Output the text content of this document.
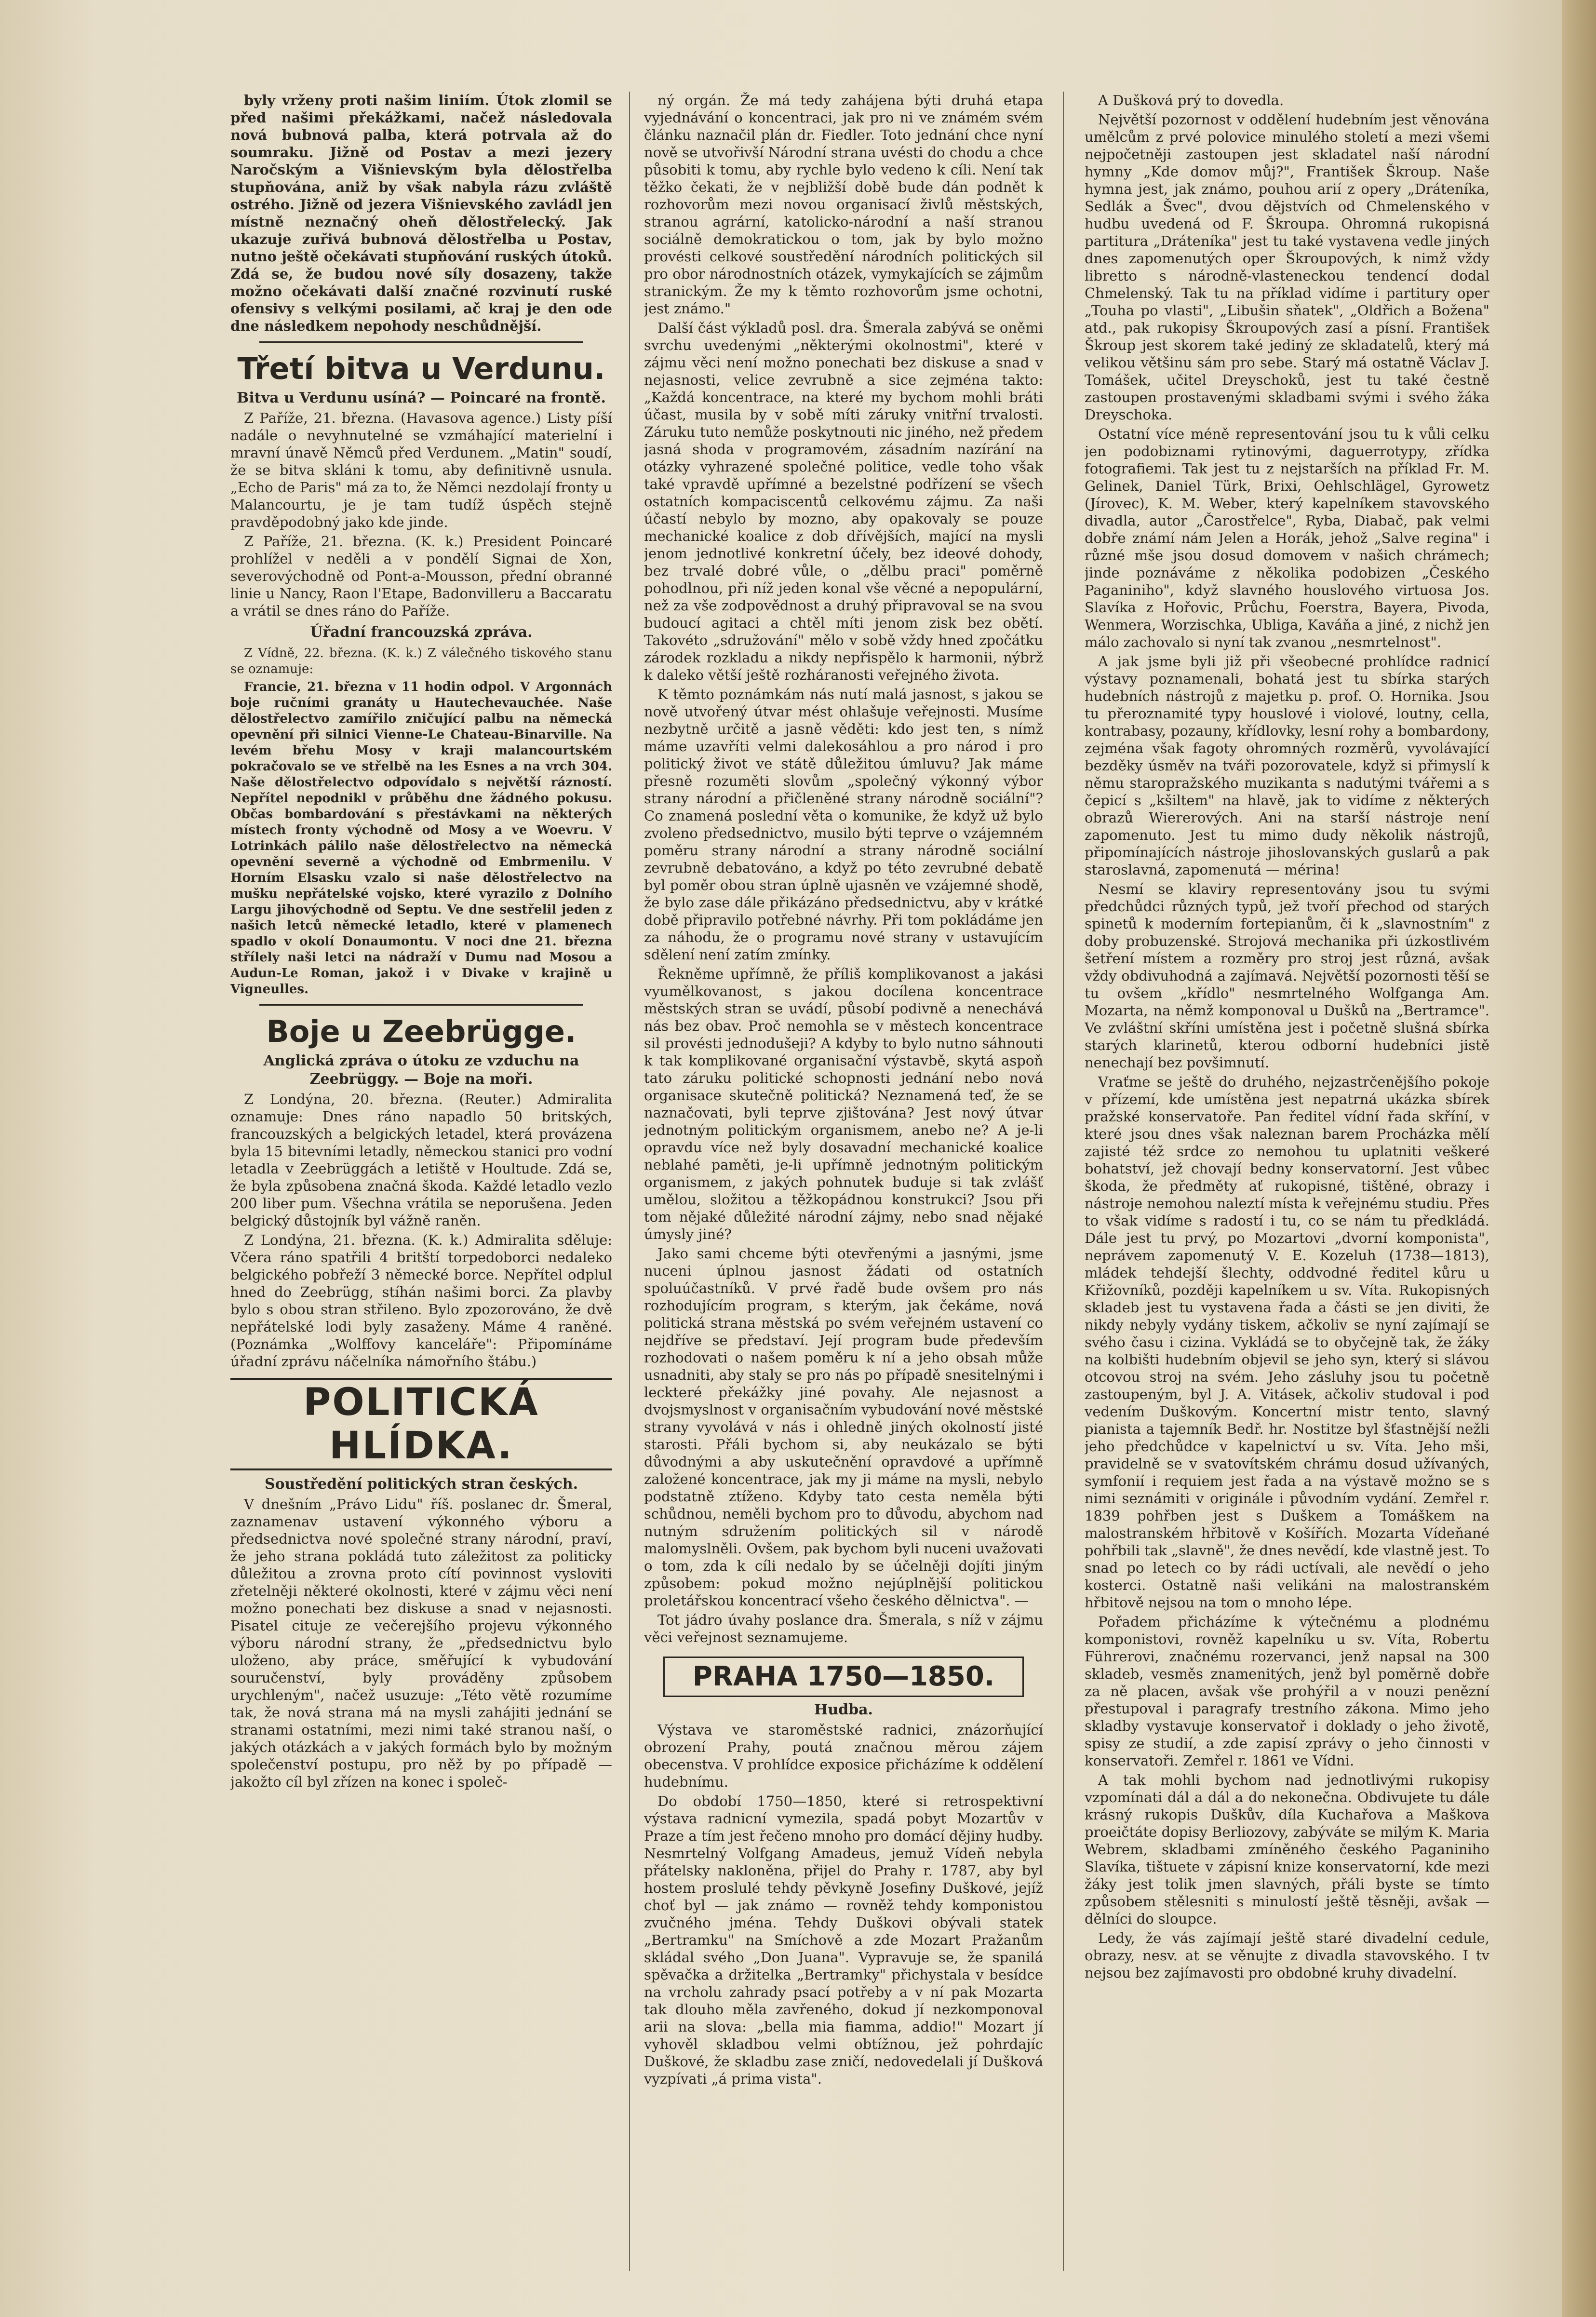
byly vrženy proti našim liniím. Útok zlomil se před našimi překážkami, načež následovala nová bubnová palba, která potrvala až do soumraku. Jižně od Postav a mezi jezery Naročským a Višnievským byla dělostřelba stupňována, aniž by však nabyla rázu zvláště ostrého. Jižně od jezera Višnievského zavládl jen místně neznačný oheň dělostřelecký. Jak ukazuje zuřivá bubnová dělostřelba u Postav, nutno ještě očekávati stupňování ruských útoků. Zdá se, že budou nové síly dosazeny, takže možno očekávati další značné rozvinutí ruské ofensivy s velkými posilami, ač kraj je den ode dne následkem nepohody neschůdnější.

Třetí bitva u Verdunu.
Bitva u Verdunu usíná? — Poincaré na frontě.

Z Paříže, 21. března. (Havasova agence.) Listy píší nadále o nevyhnutelné se vzmáhající materielní i mravní únavě Němců před Verdunem. „Matin" soudí, že se bitva skláni k tomu, aby definitivně usnula. „Echo de Paris" má za to, že Němci nezdolají fronty u Malancourtu, je je tam tudíž úspěch stejně pravděpodobný jako kde jinde.

Z Paříže, 21. března. (K. k.) President Poincaré prohlížel v neděli a v pondělí Signai de Xon, severovýchodně od Pont-a-Mousson, přední obranné linie u Nancy, Raon l'Etape, Badonvilleru a Baccaratu a vrátil se dnes ráno do Paříže.

Úřadní francouzská zpráva.

Z Vídně, 22. března. (K. k.) Z válečného tiskového stanu se oznamuje:

Francie, 21. března v 11 hodin odpol. V Argonnách boje ručními granáty u Hautechevauchée. Naše dělostřelectvo zamířilo zničující palbu na německá opevnění při silnici Vienne-Le Chateau-Binarville. Na levém břehu Mosy v kraji malancourtském pokračovalo se ve střelbě na les Esnes a na vrch 304. Naše dělostřelectvo odpovídalo s největší rázností. Nepřítel nepodnikl v průběhu dne žádného pokusu. Občas bombardování s přestávkami na některých místech fronty východně od Mosy a ve Woevru. V Lotrinkách pálilo naše dělostřelectvo na německá opevnění severně a východně od Embrmenilu. V Horním Elsasku vzalo si naše dělostřelectvo na mušku nepřátelské vojsko, které vyrazilo z Dolního Largu jihovýchodně od Septu. Ve dne sestřelil jeden z našich letců německé letadlo, které v plamenech spadlo v okolí Donaumontu. V noci dne 21. března střílely naši letci na nádraží v Dumu nad Mosou a Audun-Le Roman, jakož i v Divake v krajině u Vigneulles.

Boje u Zeebrügge.
Anglická zpráva o útoku ze vzduchu na Zeebrüggy. — Boje na moři.

Z Londýna, 20. března. (Reuter.) Admiralita oznamuje: Dnes ráno napadlo 50 britských, francouzských a belgických letadel, která provázena byla 15 bitevními letadly, německou stanici pro vodní letadla v Zeebrüggách a letiště v Houltude. Zdá se, že byla způsobena značná škoda. Každé letadlo vezlo 200 liber pum. Všechna vrátila se neporušena. Jeden belgický důstojník byl vážně raněn.

Z Londýna, 21. března. (K. k.) Admiralita sděluje: Včera ráno spatřili 4 britští torpedoborci nedaleko belgického pobřeží 3 německé borce. Nepřítel odplul hned do Zeebrügg, stíhán našimi borci. Za plavby bylo s obou stran střileno. Bylo zpozorováno, že dvě nepřátelské lodi byly zasaženy. Máme 4 raněné. (Poznámka „Wolffovy kanceláře": Připomínáme úřadní zprávu náčelníka námořního štábu.)

POLITICKÁ HLÍDKA.
Soustředění politických stran českých.

V dnešním „Právo Lidu" říš. poslanec dr. Šmeral, zaznamenav ustavení výkonného výboru a předsednictva nové společné strany národní, praví, že jeho strana pokládá tuto záležitost za politicky důležitou a zrovna proto cítí povinnost vysloviti zřetelněji některé okolnosti, které v zájmu věci není možno ponechati bez diskuse a snad v nejasnosti. Pisatel cituje ze večerejšího projevu výkonného výboru národní strany, že „předsednictvu bylo uloženo, aby práce, směřující k vybudování souručenství, byly prováděny způsobem urychleným", načež usuzuje: „Této větě rozumíme tak, že nová strana má na mysli zahájiti jednání se stranami ostatními, mezi nimi také stranou naší, o jakých otázkách a v jakých formách bylo by možným společenství postupu, pro něž by po případě — jakožto cíl byl zřízen na konec i společ-

ný orgán. Že má tedy zahájena býti druhá etapa vyjednávání o koncentraci, jak pro ni ve známém svém článku naznačil plán dr. Fiedler. Toto jednání chce nyní nově se utvořivší Národní strana uvésti do chodu a chce působiti k tomu, aby rychle bylo vedeno k cíli. Není tak těžko čekati, že v nejbližší době bude dán podnět k rozhovorům mezi novou organisací živlů městských, stranou agrární, katolicko-národní a naší stranou sociálně demokratickou o tom, jak by bylo možno provésti celkové soustředění národních politických sil pro obor národnostních otázek, vymykajících se zájmům stranickým. Že my k těmto rozhovorům jsme ochotni, jest známo."

Další část výkladů posl. dra. Šmerala zabývá se oněmi svrchu uvedenými „některými okolnostmi", které v zájmu věci není možno ponechati bez diskuse a snad v nejasnosti, velice zevrubně a sice zejména takto: „Každá koncentrace, na které my bychom mohli bráti účast, musila by v sobě míti záruky vnitřní trvalosti. Záruku tuto nemůže poskytnouti nic jiného, než předem jasná shoda v programovém, zásadním nazírání na otázky vyhrazené společné politice, vedle toho však také vpravdě upřímné a bezelstné podřízení se všech ostatních kompaciscentů celkovému zájmu. Za naši účastí nebylo by mozno, aby opakovaly se pouze mechanické koalice z dob dřívějších, mající na mysli jenom jednotlivé konkretní účely, bez ideové dohody, bez trvalé dobré vůle, o „dělbu praci" poměrně pohodlnou, při níž jeden konal vše věcné a nepopulární, než za vše zodpovědnost a druhý připravoval se na svou budoucí agitaci a chtěl míti jenom zisk bez obětí. Takovéto „sdružování" mělo v sobě vždy hned zpočátku zárodek rozkladu a nikdy nepřispělo k harmonii, nýbrž k daleko větší ještě rozháranosti veřejného života.

K těmto poznámkám nás nutí malá jasnost, s jakou se nově utvořený útvar mést ohlašuje veřejnosti. Musíme nezbytně určitě a jasně věděti: kdo jest ten, s nímž máme uzavříti velmi dalekosáhlou a pro národ i pro politický život ve státě důležitou úmluvu? Jak máme přesně rozuměti slovům „společný výkonný výbor strany národní a přičleněné strany národně sociální"? Co znamená poslední věta o komunike, že když už bylo zvoleno předsednictvo, musilo býti teprve o vzájemném poměru strany národní a strany národně sociální zevrubně debatováno, a když po této zevrubné debatě byl poměr obou stran úplně ujasněn ve vzájemné shodě, že bylo zase dále přikázáno předsednictvu, aby v krátké době připravilo potřebné návrhy. Při tom pokládáme jen za náhodu, že o programu nové strany v ustavujícím sdělení není zatím zmínky.

Řekněme upřímně, že příliš komplikovanost a jakási vyumělkovanost, s jakou docílena koncentrace městských stran se uvádí, působí podivně a nenechává nás bez obav. Proč nemohla se v městech koncentrace sil provésti jednodušeji? A kdyby to bylo nutno sáhnouti k tak komplikované organisační výstavbě, skytá aspoň tato záruku politické schopnosti jednání nebo nová organisace skutečně politická? Neznamená teď, že se naznačovati, byli teprve zjištována? Jest nový útvar jednotným politickým organismem, anebo ne? A je-li opravdu více než byly dosavadní mechanické koalice neblahé paměti, je-li upřímně jednotným politickým organismem, z jakých pohnutek buduje si tak zvlášť umělou, složitou a těžkopádnou konstrukci? Jsou při tom nějaké důležité národní zájmy, nebo snad nějaké úmysly jiné?

Jako sami chceme býti otevřenými a jasnými, jsme nuceni úplnou jasnost žádati od ostatních spoluúčastníků. V prvé řadě bude ovšem pro nás rozhodujícím program, s kterým, jak čekáme, nová politická strana městská po svém veřejném ustavení co nejdříve se představí. Její program bude především rozhodovati o našem poměru k ní a jeho obsah může usnadniti, aby staly se pro nás po případě snesitelnými i leckteré překážky jiné povahy. Ale nejasnost a dvojsmyslnost v organisačním vybudování nové městské strany vyvolává v nás i ohledně jiných okolností jisté starosti. Přáli bychom si, aby neukázalo se býti důvodnými a aby uskutečnění opravdové a upřímně založené koncentrace, jak my ji máme na mysli, nebylo podstatně ztíženo. Kdyby tato cesta neměla býti schůdnou, neměli bychom pro to důvodu, abychom nad nutným sdružením politických sil v národě malomyslněli. Ovšem, pak bychom byli nuceni uvažovati o tom, zda k cíli nedalo by se účelněji dojíti jiným způsobem: pokud možno nejúplnější politickou proletářskou koncentrací všeho českého dělnictva". —

Tot jádro úvahy poslance dra. Šmerala, s níž v zájmu věci veřejnost seznamujeme.

PRAHA 1750—1850.
Hudba.

Výstava ve staroměstské radnici, znázorňující obrození Prahy, poutá značnou měrou zájem obecenstva. V prohlídce exposice přicházíme k oddělení hudebnímu.

Do období 1750—1850, které si retrospektivní výstava radnicní vymezila, spadá pobyt Mozartův v Praze a tím jest řečeno mnoho pro domácí dějiny hudby. Nesmrtelný Volfgang Amadeus, jemuž Vídeň nebyla přátelsky nakloněna, přijel do Prahy r. 1787, aby byl hostem proslulé tehdy pěvkyně Josefiny Duškové, jejíž choť byl — jak známo — rovněž tehdy komponistou zvučného jména. Tehdy Duškovi obývali statek „Bertramku" na Smíchově a zde Mozart Pražanům skládal svého „Don Juana". Vypravuje se, že spanilá spěvačka a držitelka „Bertramky" přichystala v besídce na vrcholu zahrady psací potřeby a v ní pak Mozarta tak dlouho měla zavřeného, dokud jí nezkomponoval arii na slova: „bella mia fiamma, addio!" Mozart jí vyhověl skladbou velmi obtížnou, jež pohrdajíc Duškové, že skladbu zase zničí, nedovedelali jí Dušková vyzpívati „á prima vista".

A Dušková prý to dovedla.

Největší pozornost v oddělení hudebním jest věnována umělcům z prvé polovice minulého století a mezi všemi nejpočetněji zastoupen jest skladatel naší národní hymny „Kde domov můj?", František Škroup. Naše hymna jest, jak známo, pouhou arií z opery „Dráteníka, Sedlák a Švec", dvou dějstvích od Chmelenského v hudbu uvedená od F. Škroupa. Ohromná rukopisná partitura „Dráteníka" jest tu také vystavena vedle jiných dnes zapomenutých oper Škroupových, k nimž vždy libretto s národně-vlasteneckou tendencí dodal Chmelenský. Tak tu na příklad vidíme i partitury oper „Touha po vlasti", „Libušin sňatek", „Oldřich a Božena" atd., pak rukopisy Škroupových zasí a písní. František Škroup jest skorem také jediný ze skladatelů, který má velikou většinu sám pro sebe. Starý má ostatně Václav J. Tomášek, učitel Dreyschoků, jest tu také čestně zastoupen prostavenými skladbami svými i svého žáka Dreyschoka.

Ostatní více méně representování jsou tu k vůli celku jen podobiznami rytinovými, daguerrotypy, zřídka fotografiemi. Tak jest tu z nejstarších na příklad Fr. M. Gelinek, Daniel Türk, Brixi, Oehlschlägel, Gyrowetz (Jírovec), K. M. Weber, který kapelníkem stavovského divadla, autor „Čarostřelce", Ryba, Diabač, pak velmi dobře známí nám Jelen a Horák, jehož „Salve regina" i různé mše jsou dosud domovem v našich chrámech; jinde poznáváme z několika podobizen „Českého Paganiniho", když slavného houslového virtuosa Jos. Slavíka z Hořovic, Průchu, Foerstra, Bayera, Pivoda, Wenmera, Worzischka, Ubliga, Kaváňa a jiné, z nichž jen málo zachovalo si nyní tak zvanou „nesmrtelnost".

A jak jsme byli již při všeobecné prohlídce radnicí výstavy poznamenali, bohatá jest tu sbírka starých hudebních nástrojů z majetku p. prof. O. Hornika. Jsou tu přeroznamité typy houslové i violové, loutny, cella, kontrabasy, pozauny, křídlovky, lesní rohy a bombardony, zejména však fagoty ohromných rozměrů, vyvolávající bezděky úsměv na tváři pozorovatele, když si přimyslí k němu staropražského muzikanta s nadutými tvářemi a s čepicí s „kšiltem" na hlavě, jak to vidíme z některých obrazů Wiererových. Ani na starší nástroje není zapomenuto. Jest tu mimo dudy několik nástrojů, připomínajících nástroje jihoslovanských guslarů a pak staroslavná, zapomenutá — mérina!

Nesmí se klaviry representovány jsou tu svými předchůdci různých typů, jež tvoří přechod od starých spinetů k moderním fortepianům, či k „slavnostním" z doby probuzenské. Strojová mechanika při úzkostlivém šetření místem a rozměry pro stroj jest různá, avšak vždy obdivuhodná a zajímavá. Největší pozornosti těší se tu ovšem „křídlo" nesmrtelného Wolfganga Am. Mozarta, na němž komponoval u Dušků na „Bertramce". Ve zvláštní skříni umístěna jest i početně slušná sbírka starých klarinetů, kterou odborní hudebníci jistě nenechají bez povšimnutí.

Vraťme se ještě do druhého, nejzastrčenějšího pokoje v přízemí, kde umístěna jest nepatrná ukázka sbírek pražské konservatoře. Pan ředitel vídní řada skříní, v které jsou dnes však naleznan barem Procházka mělí zajisté též srdce zo nemohou tu uplatniti veškeré bohatství, jež chovají bedny konservatorní. Jest vůbec škoda, že předměty ať rukopisné, tištěné, obrazy i nástroje nemohou naleztí místa k veřejnému studiu. Přes to však vidíme s radostí i tu, co se nám tu předkládá. Dále jest tu prvý, po Mozartovi „dvorní komponista", neprávem zapomenutý V. E. Kozeluh (1738—1813), mládek tehdejší šlechty, oddvodné ředitel kůru u Křižovníků, později kapelníkem u sv. Víta. Rukopisných skladeb jest tu vystavena řada a části se jen diviti, že nikdy nebyly vydány tiskem, ačkoliv se nyní zajímají se svého času i cizina. Vykládá se to obyčejně tak, že žáky na kolbišti hudebním objevil se jeho syn, který si slávou otcovou stroj na svém. Jeho zásluhy jsou tu početně zastoupeným, byl J. A. Vitásek, ačkoliv studoval i pod vedením Duškovým. Koncertní mistr tento, slavný pianista a tajemník Bedř. hr. Nostitze byl šťastnější nežli jeho předchůdce v kapelnictví u sv. Víta. Jeho mši, pravidelně se v svatovítském chrámu dosud užívaných, symfonií i requiem jest řada a na výstavě možno se s nimi seznámiti v originále i původním vydání. Zemřel r. 1839 pohřben jest s Duškem a Tomáškem na malostranském hřbitově v Košířích. Mozarta Vídeňané pohřbili tak „slavně", že dnes nevědí, kde vlastně jest. To snad po letech co by rádi uctívali, ale nevědí o jeho kosterci. Ostatně naši velikáni na malostranském hřbitově nejsou na tom o mnoho lépe.

Pořadem přicházíme k výtečnému a plodnému komponistovi, rovněž kapelníku u sv. Víta, Robertu Führerovi, značnému rozervanci, jenž napsal na 300 skladeb, vesměs znamenitých, jenž byl poměrně dobře za ně placen, avšak vše prohýřil a v nouzi penězní přestupoval i paragrafy trestního zákona. Mimo jeho skladby vystavuje konservatoř i doklady o jeho životě, spisy ze studií, a zde zapisí zprávy o jeho činnosti v konservatoři. Zemřel r. 1861 ve Vídni.

A tak mohli bychom nad jednotlivými rukopisy vzpomínati dál a dál a do nekonečna. Obdivujete tu dále krásný rukopis Duškův, díla Kuchařova a Maškova proeičtáte dopisy Berliozovy, zabýváte se milým K. Maria Webrem, skladbami zmíněného českého Paganiniho Slavíka, tištuete v zápisní knize konservatorní, kde mezi žáky jest tolik jmen slavných, přáli byste se tímto způsobem stělesniti s minulostí ještě těsněji, avšak — dělníci do sloupce.

Ledy, že vás zajímají ještě staré divadelní cedule, obrazy, nesv. at se věnujte z divadla stavovského. I tv nejsou bez zajímavosti pro obdobné kruhy divadelní.
